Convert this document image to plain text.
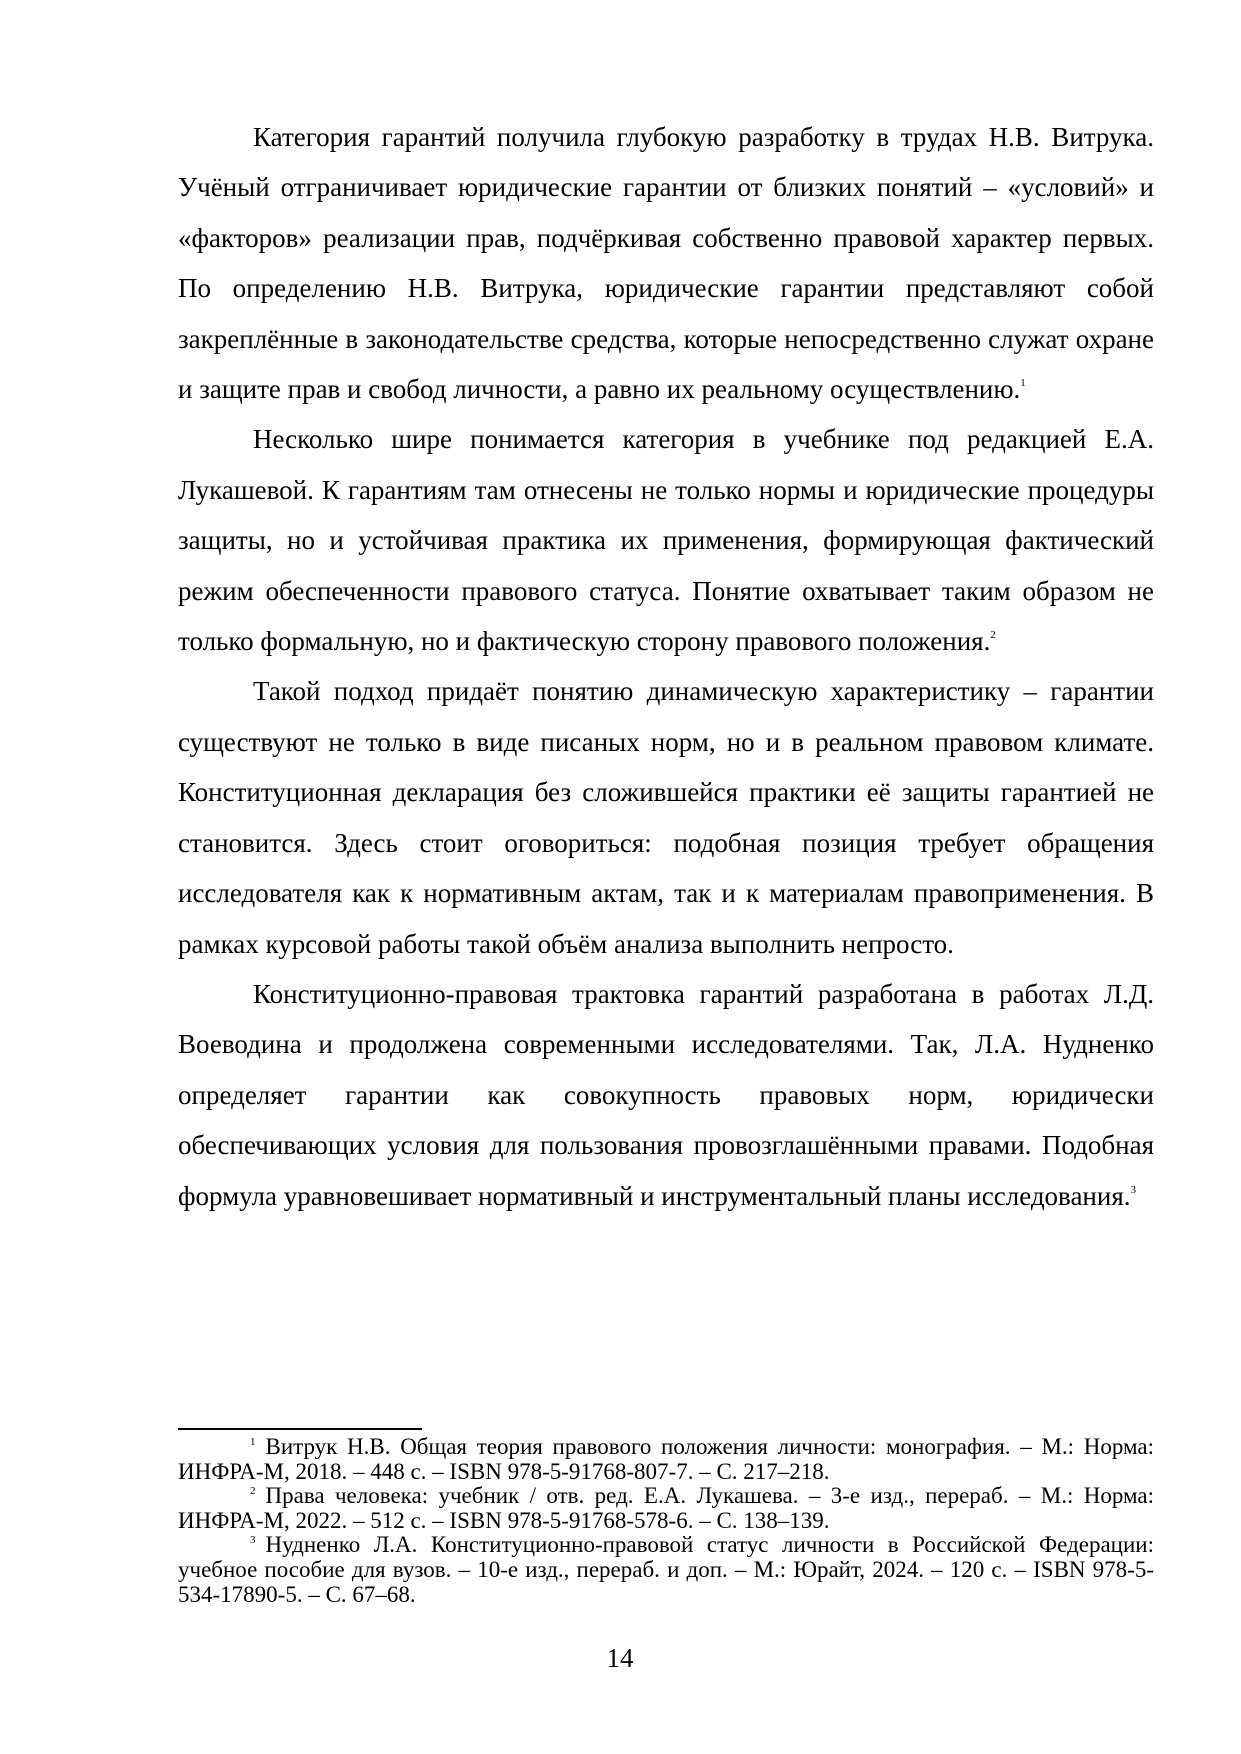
Категория гарантий получила глубокую разработку в трудах Н.В. Витрука. Учёный отграничивает юридические гарантии от близких понятий – «условий» и «факторов» реализации прав, подчёркивая собственно правовой характер первых. По определению Н.В. Витрука, юридические гарантии представляют собой закреплённые в законодательстве средства, которые непосредственно служат охране и защите прав и свобод личности, а равно их реальному осуществлению.$^1$

Несколько шире понимается категория в учебнике под редакцией Е.А. Лукашевой. К гарантиям там отнесены не только нормы и юридические процедуры защиты, но и устойчивая практика их применения, формирующая фактический режим обеспеченности правового статуса. Понятие охватывает таким образом не только формальную, но и фактическую сторону правового положения.$^2$

Такой подход придаёт понятию динамическую характеристику – гарантии существуют не только в виде писаных норм, но и в реальном правовом климате. Конституционная декларация без сложившейся практики её защиты гарантией не становится. Здесь стоит оговориться: подобная позиция требует обращения исследователя как к нормативным актам, так и к материалам правоприменения. В рамках курсовой работы такой объём анализа выполнить непросто.

Конституционно-правовая трактовка гарантий разработана в работах Л.Д. Воеводина и продолжена современными исследователями. Так, Л.А. Нудненко определяет гарантии как совокупность правовых норм, юридически обеспечивающих условия для пользования провозглашёнными правами. Подобная формула уравновешивает нормативный и инструментальный планы исследования.$^3$

$^1$ Витрук Н.В. Общая теория правового положения личности: монография. – М.: Норма: ИНФРА-М, 2018. – 448 с. – ISBN 978-5-91768-807-7. – С. 217–218.

$^2$ Права человека: учебник / отв. ред. Е.А. Лукашева. – 3-е изд., перераб. – М.: Норма: ИНФРА-М, 2022. – 512 с. – ISBN 978-5-91768-578-6. – С. 138–139.

$^3$ Нудненко Л.А. Конституционно-правовой статус личности в Российской Федерации: учебное пособие для вузов. – 10-е изд., перераб. и доп. – М.: Юрайт, 2024. – 120 с. – ISBN 978-5-534-17890-5. – С. 67–68.

14
